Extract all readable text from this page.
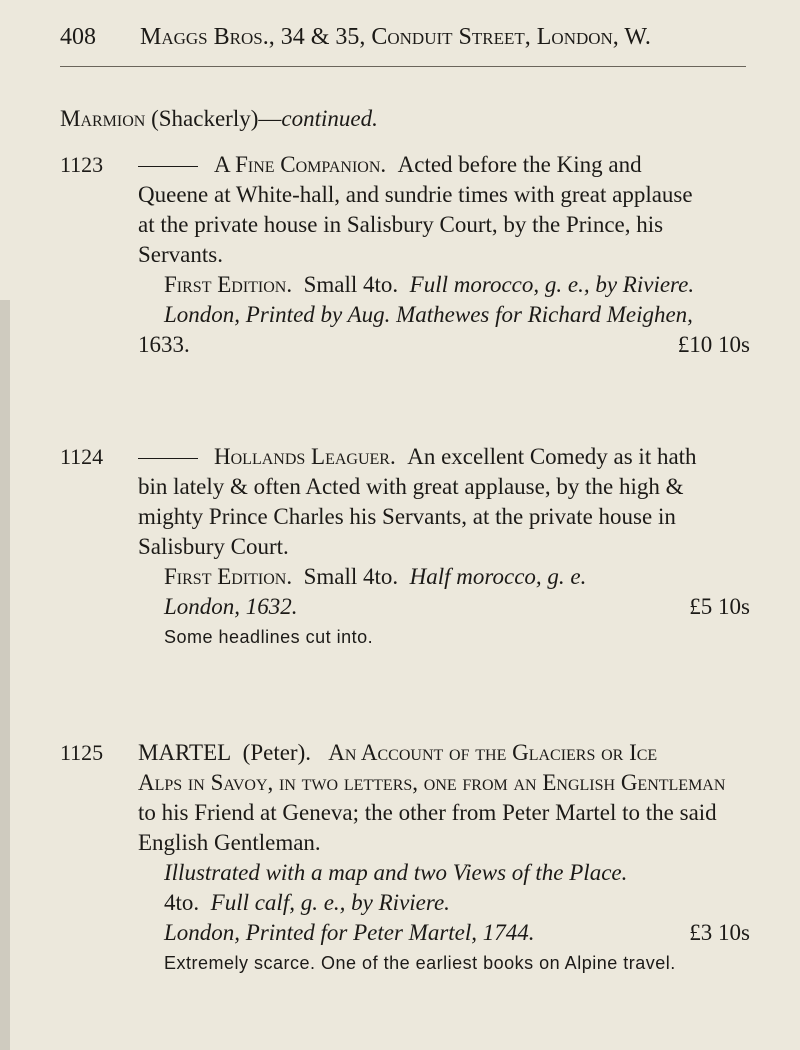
408 Maggs Bros., 34 & 35, Conduit Street, London, W.
Marmion (Shackerly)—continued.
1123	A Fine Companion. Acted before the King and
Queene at White-hall, and sundrie times with great applause
at the private house in Salisbury Court, by the Prince, his
Servants.
First Edition. Small 4to. Full morocco, g. e., by Riviere.
London, Printed by Aug. Mathewes for Richard Meighen,
1633.	£10 10s
1124	Hollands Leaguer. An excellent Comedy as it hath
bin lately & often Acted with great applause, by the high &
mighty Prince Charles his Servants, at the private house in
Salisbury Court.
First Edition. Small 4to. Half morocco, g. e.
London, 1632.	£5 10s
Some headlines cut into.
1125 MARTEL (Peter). An Account of the Glaciers or Ice
Alps in Savoy, in two letters, one from an English Gentleman
to his Friend at Geneva; the other from Peter Martel to the said
English Gentleman.
Illustrated with a map and two Views of the Place.
4to. Full calf, g. e., by Riviere.
London, Printed for Peter Martel, 1744.	£3 10s
Extremely scarce. One of the earliest books on Alpine travel.
